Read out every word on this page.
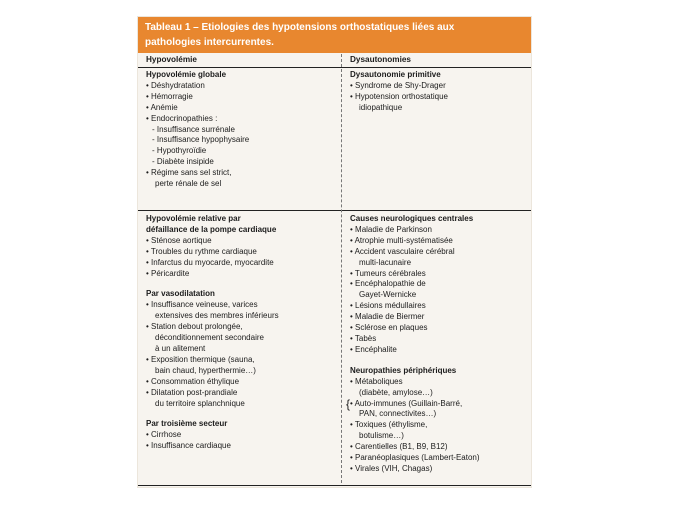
Tableau 1 – Etiologies des hypotensions orthostatiques liées aux
pathologies intercurrentes.

Hypovolémie	Dysautonomies
Hypovolémie globale
• Déshydratation
• Hémorragie
• Anémie
• Endocrinopathies :
- Insuffisance surrénale
- Insuffisance hypophysaire
- Hypothyroïdie
- Diabète insipide
• Régime sans sel strict,
perte rénale de sel
Hypovolémie relative par
défaillance de la pompe cardiaque
• Sténose aortique
• Troubles du rythme cardiaque
• Infarctus du myocarde, myocardite
• Péricardite
Par vasodilatation
• Insuffisance veineuse, varices
extensives des membres inférieurs
• Station debout prolongée,
déconditionnement secondaire
à un alitement
• Exposition thermique (sauna,
bain chaud, hyperthermie…)
• Consommation éthylique
• Dilatation post-prandiale
du territoire splanchnique
Par troisième secteur
• Cirrhose
• Insuffisance cardiaque
Dysautonomie primitive
• Syndrome de Shy-Drager
• Hypotension orthostatique
idiopathique
Causes neurologiques centrales
• Maladie de Parkinson
• Atrophie multi-systématisée
• Accident vasculaire cérébral
multi-lacunaire
• Tumeurs cérébrales
• Encéphalopathie de
Gayet-Wernicke
• Lésions médullaires
• Maladie de Biermer
• Sclérose en plaques
• Tabès
• Encéphalite
Neuropathies périphériques
• Métaboliques
(diabète, amylose…)
• Auto-immunes (Guillain-Barré,
PAN, connectivites…)
• Toxiques (éthylisme,
botulisme…)
• Carentielles (B1, B9, B12)
• Paranéoplasiques (Lambert-Eaton)
• Virales (VIH, Chagas)
{
